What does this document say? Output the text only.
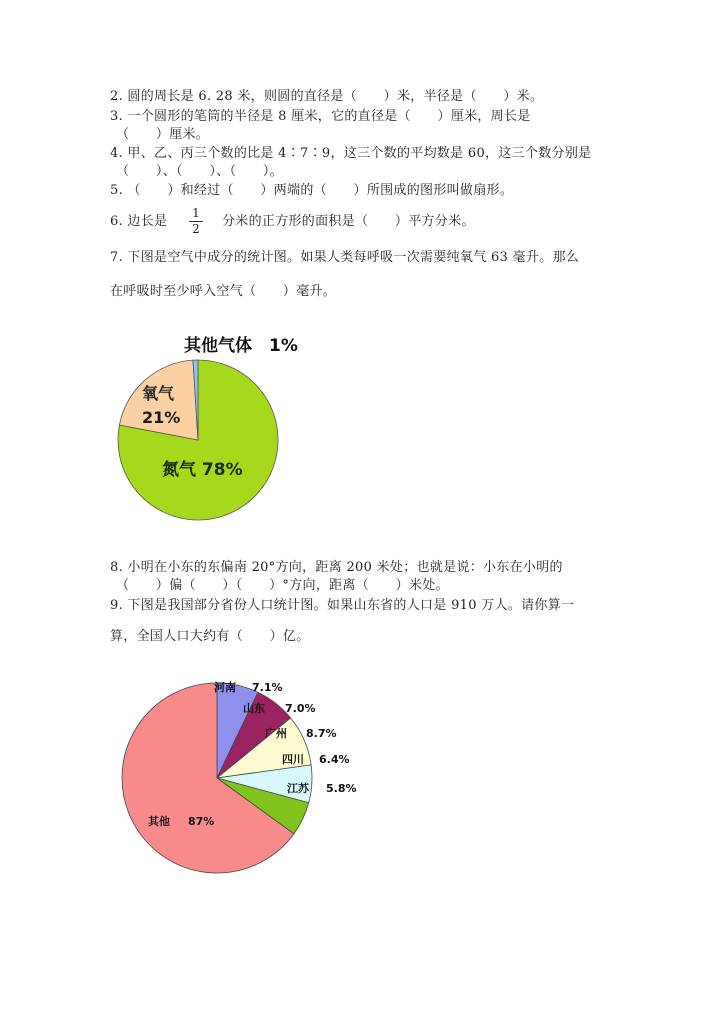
2. 圆的周长是 6. 28 米，则圆的直径是（　　）米，半径是（　　）米。
3. 一个圆形的笔筒的半径是 8 厘米，它的直径是（　　）厘米，周长是
（　　）厘米。
4. 甲、乙、丙三个数的比是 4∶7∶9，这三个数的平均数是 60，这三个数分别是
（　　）、（　　）、（　　）。
5. （　　）和经过（　　）两端的（　　）所围成的图形叫做扇形。
6. 边长是
1
2 分米的正方形的面积是（　　）平方分米。
7. 下图是空气中成分的统计图。如果人类每呼吸一次需要纯氧气 63 毫升。那么
在呼吸时至少呼入空气（　　）毫升。
氮气 78%
氧气
21%
其他气体　1%
8. 小明在小东的东偏南 20°方向，距离 200 米处；也就是说：小东在小明的
（　　）偏（　　）（　　）°方向，距离（　　）米处。
9. 下图是我国部分省份人口统计图。如果山东省的人口是 910 万人。请你算一
算，全国人口大约有（　　）亿。
河南 7.1%
山东 7.0%
广州 8.7%
四川 6.4%
江苏 5.8%
其他 87%
